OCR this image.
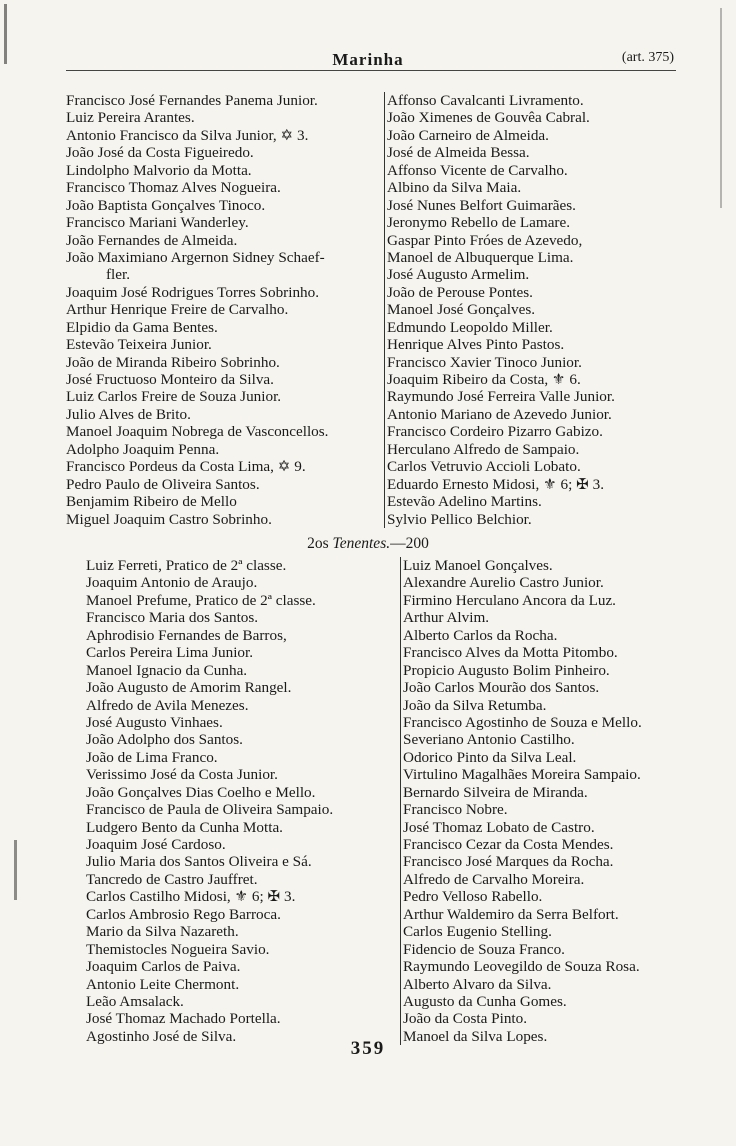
Marinha	(art. 375)
Francisco José Fernandes Panema Junior.
Luiz Pereira Arantes.
Antonio Francisco da Silva Junior, ✡ 3.
João José da Costa Figueiredo.
Lindolpho Malvorio da Motta.
Francisco Thomaz Alves Nogueira.
João Baptista Gonçalves Tinoco.
Francisco Mariani Wanderley.
João Fernandes de Almeida.
João Maximiano Argernon Sidney Schaef-
fler.
Joaquim José Rodrigues Torres Sobrinho.
Arthur Henrique Freire de Carvalho.
Elpidio da Gama Bentes.
Estevão Teixeira Junior.
João de Miranda Ribeiro Sobrinho.
José Fructuoso Monteiro da Silva.
Luiz Carlos Freire de Souza Junior.
Julio Alves de Brito.
Manoel Joaquim Nobrega de Vasconcellos.
Adolpho Joaquim Penna.
Francisco Pordeus da Costa Lima, ✡ 9.
Pedro Paulo de Oliveira Santos.
Benjamim Ribeiro de Mello
Miguel Joaquim Castro Sobrinho.
Affonso Cavalcanti Livramento.
João Ximenes de Gouvêa Cabral.
João Carneiro de Almeida.
José de Almeida Bessa.
Affonso Vicente de Carvalho.
Albino da Silva Maia.
José Nunes Belfort Guimarães.
Jeronymo Rebello de Lamare.
Gaspar Pinto Fróes de Azevedo,
Manoel de Albuquerque Lima.
José Augusto Armelim.
João de Perouse Pontes.
Manoel José Gonçalves.
Edmundo Leopoldo Miller.
Henrique Alves Pinto Pastos.
Francisco Xavier Tinoco Junior.
Joaquim Ribeiro da Costa, ⚜ 6.
Raymundo José Ferreira Valle Junior.
Antonio Mariano de Azevedo Junior.
Francisco Cordeiro Pizarro Gabizo.
Herculano Alfredo de Sampaio.
Carlos Vetruvio Accioli Lobato.
Eduardo Ernesto Midosi, ⚜ 6; ✠ 3.
Estevão Adelino Martins.
Sylvio Pellico Belchior.
2os Tenentes.—200
Luiz Ferreti, Pratico de 2ª classe.
Joaquim Antonio de Araujo.
Manoel Prefume, Pratico de 2ª classe.
Francisco Maria dos Santos.
Aphrodisio Fernandes de Barros,
Carlos Pereira Lima Junior.
Manoel Ignacio da Cunha.
João Augusto de Amorim Rangel.
Alfredo de Avila Menezes.
José Augusto Vinhaes.
João Adolpho dos Santos.
João de Lima Franco.
Verissimo José da Costa Junior.
João Gonçalves Dias Coelho e Mello.
Francisco de Paula de Oliveira Sampaio.
Ludgero Bento da Cunha Motta.
Joaquim José Cardoso.
Julio Maria dos Santos Oliveira e Sá.
Tancredo de Castro Jauffret.
Carlos Castilho Midosi, ⚜ 6; ✠ 3.
Carlos Ambrosio Rego Barroca.
Mario da Silva Nazareth.
Themistocles Nogueira Savio.
Joaquim Carlos de Paiva.
Antonio Leite Chermont.
Leão Amsalack.
José Thomaz Machado Portella.
Agostinho José de Silva.
Luiz Manoel Gonçalves.
Alexandre Aurelio Castro Junior.
Firmino Herculano Ancora da Luz.
Arthur Alvim.
Alberto Carlos da Rocha.
Francisco Alves da Motta Pitombo.
Propicio Augusto Bolim Pinheiro.
João Carlos Mourão dos Santos.
João da Silva Retumba.
Francisco Agostinho de Souza e Mello.
Severiano Antonio Castilho.
Odorico Pinto da Silva Leal.
Virtulino Magalhães Moreira Sampaio.
Bernardo Silveira de Miranda.
Francisco Nobre.
José Thomaz Lobato de Castro.
Francisco Cezar da Costa Mendes.
Francisco José Marques da Rocha.
Alfredo de Carvalho Moreira.
Pedro Velloso Rabello.
Arthur Waldemiro da Serra Belfort.
Carlos Eugenio Stelling.
Fidencio de Souza Franco.
Raymundo Leovegildo de Souza Rosa.
Alberto Alvaro da Silva.
Augusto da Cunha Gomes.
João da Costa Pinto.
Manoel da Silva Lopes.
359
